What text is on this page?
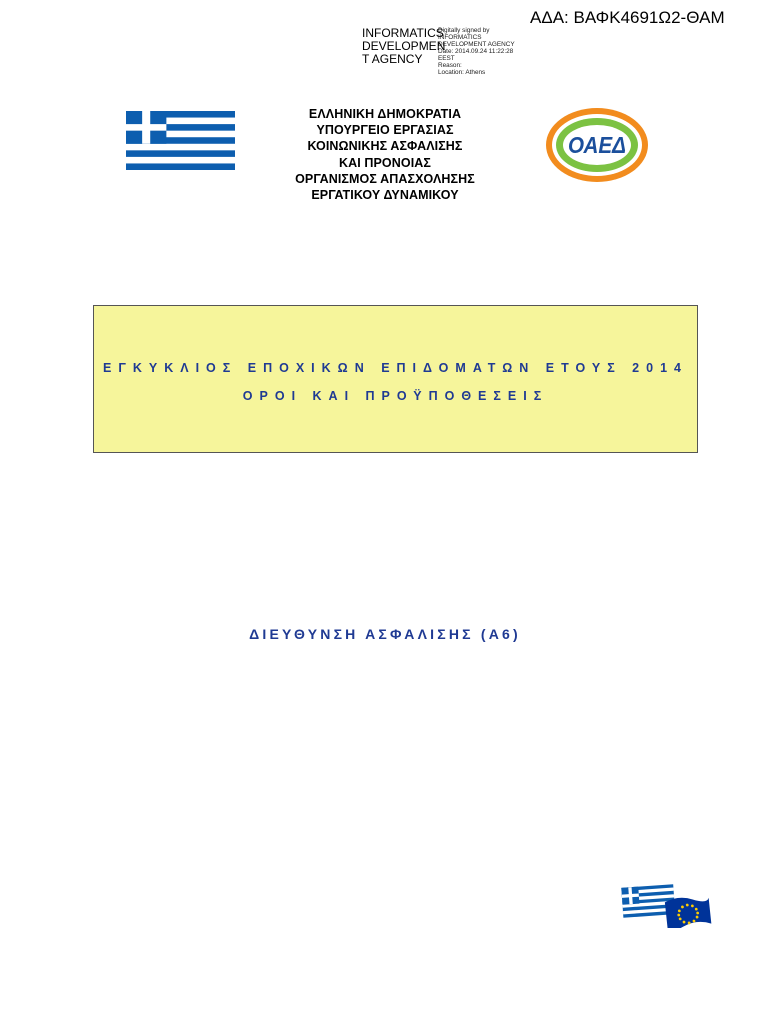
ΑΔΑ: ΒΑΦΚ4691Ω2-ΘΑΜ
INFORMATICS
DEVELOPMEN
T AGENCY
Digitally signed by
INFORMATICS
DEVELOPMENT AGENCY
Date: 2014.09.24 11:22:28
EEST
Reason:
Location: Athens
ΕΛΛΗΝΙΚΗ ΔΗΜΟΚΡΑΤΙΑ
ΥΠΟΥΡΓΕΙΟ ΕΡΓΑΣΙΑΣ
ΚΟΙΝΩΝΙΚΗΣ ΑΣΦΑΛΙΣΗΣ
ΚΑΙ ΠΡΟΝΟΙΑΣ
ΟΡΓΑΝΙΣΜΟΣ ΑΠΑΣΧΟΛΗΣΗΣ
ΕΡΓΑΤΙΚΟΥ ΔΥΝΑΜΙΚΟΥ
ΟΑΕΔ
ΕΓΚΥΚΛΙΟΣ ΕΠΟΧΙΚΩΝ ΕΠΙΔΟΜΑΤΩΝ ΕΤΟΥΣ 2014
ΟΡΟΙ ΚΑΙ ΠΡΟΫΠΟΘΕΣΕΙΣ
ΔΙΕΥΘΥΝΣΗ ΑΣΦΑΛΙΣΗΣ (Α6)
